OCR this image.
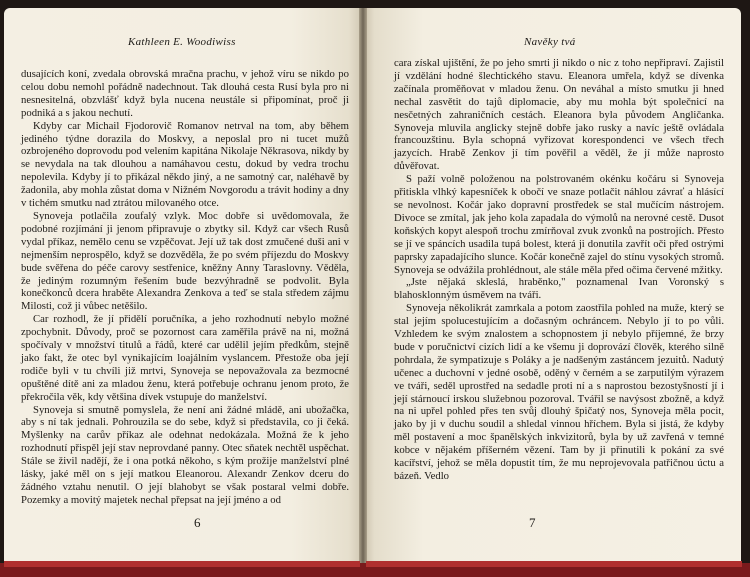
Kathleen E. Woodiwiss

dusajících koní, zvedala obrovská mračna prachu, v jehož víru se nikdo po celou dobu nemohl pořádně nadechnout. Tak dlouhá cesta Rusí byla pro ni nesnesitelná, obzvlášť když byla nucena neustále si připomínat, proč ji podniká a s jakou nechutí.

Kdyby car Michail Fjodorovič Romanov netrval na tom, aby během jediného týdne dorazila do Moskvy, a neposlal pro ni tucet mužů ozbrojeného doprovodu pod velením kapitána Nikolaje Někrasova, nikdy by se nevydala na tak dlouhou a namáhavou cestu, dokud by vedra trochu nepolevila. Kdyby jí to přikázal někdo jiný, a ne samotný car, naléhavě by žadonila, aby mohla zůstat doma v Nižném Novgorodu a trávit hodiny a dny v tichém smutku nad ztrátou milovaného otce.

Synoveja potlačila zoufalý vzlyk. Moc dobře si uvědomovala, že podobné rozjímání ji jenom připravuje o zbytky sil. Když car všech Rusů vydal příkaz, nemělo cenu se vzpěčovat. Její už tak dost zmučené duši ani v nejmenším neprospělo, když se dozvěděla, že po svém příjezdu do Moskvy bude svěřena do péče carovy sestřenice, kněžny Anny Taraslovny. Věděla, že jediným rozumným řešením bude bezvýhradně se podvolit. Byla konečkonců dcera hraběte Alexandra Zenkova a teď se stala středem zájmu Milosti, což ji vůbec netěšilo.

Car rozhodl, že jí přidělí poručníka, a jeho rozhodnutí nebylo možné zpochybnit. Důvody, proč se pozornost cara zaměřila právě na ni, možná spočívaly v množství titulů a řádů, které car udělil jejím předkům, stejně jako fakt, že otec byl vynikajícím loajálním vyslancem. Přestože oba její rodiče byli v tu chvíli již mrtvi, Synoveja se nepovažovala za bezmocné opuštěné dítě ani za mladou ženu, která potřebuje ochranu jenom proto, že překročila věk, kdy většina dívek vstupuje do manželství.

Synoveja si smutně pomyslela, že není ani žádné mládě, ani ubožačka, aby s ní tak jednali. Pohrouzila se do sebe, když si představila, co ji čeká. Myšlenky na carův příkaz ale odehnat nedokázala. Možná že k jeho rozhodnutí přispěl její stav neprovdané panny. Otec sňatek nechtěl uspěchat. Stále se živil nadějí, že i ona potká někoho, s kým prožije manželství plné lásky, jaké měl on s její matkou Eleanorou. Alexandr Zenkov dceru do žádného vztahu nenutil. O její blahobyt se však postaral velmi dobře. Pozemky a movitý majetek nechal přepsat na její jméno a od

6
Navěky tvá

cara získal ujištění, že po jeho smrti ji nikdo o nic z toho nepřipraví. Zajistil jí vzdělání hodné šlechtického stavu. Eleanora umřela, když se dívenka začínala proměňovat v mladou ženu. On neváhal a místo smutku ji hned nechal zasvětit do tajů diplomacie, aby mu mohla být společnicí na nesčetných zahraničních cestách. Eleanora byla původem Angličanka. Synoveja mluvila anglicky stejně dobře jako rusky a navíc ještě ovládala francouzštinu. Byla schopná vyřizovat korespondenci ve všech třech jazycích. Hrabě Zenkov jí tím pověřil a věděl, že jí může naprosto důvěřovat.

S paží volně položenou na polstrovaném okénku kočáru si Synoveja přitiskla vlhký kapesníček k obočí ve snaze potlačit náhlou závrať a hlásící se nevolnost. Kočár jako dopravní prostředek se stal mučícím nástrojem. Divoce se zmítal, jak jeho kola zapadala do výmolů na nerovné cestě. Dusot koňských kopyt alespoň trochu zmírňoval zvuk zvonků na postrojích. Přesto se jí ve spáncích usadila tupá bolest, která ji donutila zavřít oči před ostrými paprsky zapadajícího slunce. Kočár konečně zajel do stínu vysokých stromů. Synoveja se odvážila prohlédnout, ale stále měla před očima červené mžitky.

„Jste nějaká skleslá, hraběnko," poznamenal Ivan Voronský s blahosklonným úsměvem na tváři.

Synoveja několikrát zamrkala a potom zaostřila pohled na muže, který se stal jejím spolucestujícím a dočasným ochráncem. Nebylo jí to po vůli. Vzhledem ke svým znalostem a schopnostem jí nebylo příjemné, že brzy bude v poručnictví cizích lidí a ke všemu ji doprovází člověk, kterého silně pohrdala, že sympatizuje s Poláky a je nadšeným zastáncem jezuitů. Nadutý učenec a duchovní v jedné osobě, oděný v černém a se zarputilým výrazem ve tváři, seděl uprostřed na sedadle proti ní a s naprostou bezostyšností jí i její stárnoucí irskou služebnou pozoroval. Tvářil se navýsost zbožně, a když na ni upřel pohled přes ten svůj dlouhý špičatý nos, Synoveja měla pocit, jako by ji v duchu soudil a shledal vinnou hříchem. Byla si jistá, že kdyby měl postavení a moc španělských inkvizitorů, byla by už zavřená v temné kobce v nějakém příšerném vězení. Tam by ji přinutili k pokání za své kacířství, jehož se měla dopustit tím, že mu neprojevovala patřičnou úctu a bázeň. Vedlo

7
